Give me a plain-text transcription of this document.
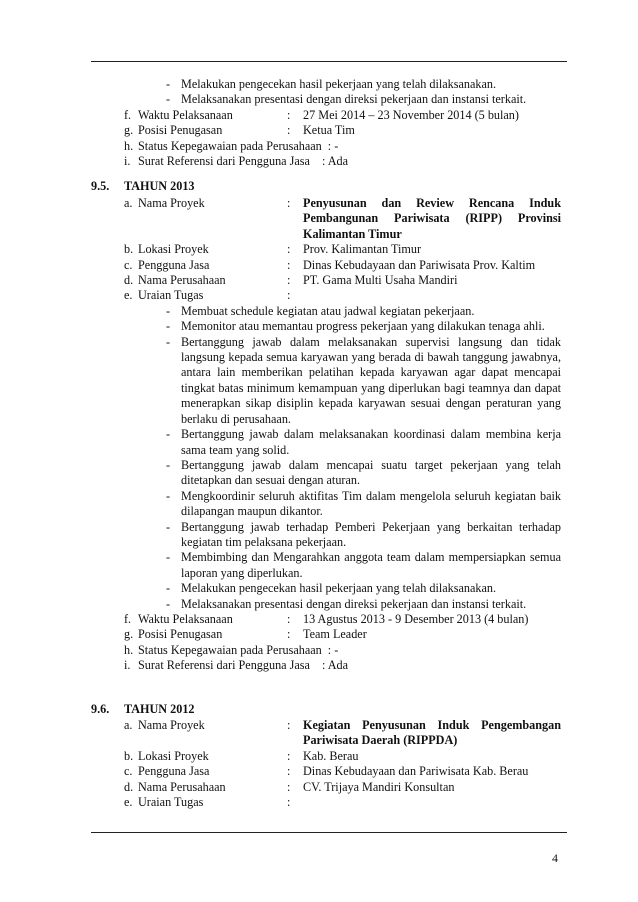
- Melakukan pengecekan hasil pekerjaan yang telah dilaksanakan.
- Melaksanakan presentasi dengan direksi pekerjaan dan instansi terkait.
f. Waktu Pelaksanaan	:	27 Mei 2014 – 23 November 2014 (5 bulan)
g. Posisi Penugasan	:	Ketua Tim
h. Status Kepegawaian pada Perusahaan : -
i. Surat Referensi dari Pengguna Jasa : Ada
9.5.	TAHUN 2013
a. Nama Proyek	:	Penyusunan dan Review Rencana Induk Pembangunan Pariwisata (RIPP) Provinsi Kalimantan Timur
b. Lokasi Proyek	:	Prov. Kalimantan Timur
c. Pengguna Jasa	:	Dinas Kebudayaan dan Pariwisata Prov. Kaltim
d. Nama Perusahaan	:	PT. Gama Multi Usaha Mandiri
e. Uraian Tugas	:
- Membuat schedule kegiatan atau jadwal kegiatan pekerjaan.
- Memonitor atau memantau progress pekerjaan yang dilakukan tenaga ahli.
- Bertanggung jawab dalam melaksanakan supervisi langsung dan tidak langsung kepada semua karyawan yang berada di bawah tanggung jawabnya, antara lain memberikan pelatihan kepada karyawan agar dapat mencapai tingkat batas minimum kemampuan yang diperlukan bagi teamnya dan dapat menerapkan sikap disiplin kepada karyawan sesuai dengan peraturan yang berlaku di perusahaan.
- Bertanggung jawab dalam melaksanakan koordinasi dalam membina kerja sama team yang solid.
- Bertanggung jawab dalam mencapai suatu target pekerjaan yang telah ditetapkan dan sesuai dengan aturan.
- Mengkoordinir seluruh aktifitas Tim dalam mengelola seluruh kegiatan baik dilapangan maupun dikantor.
- Bertanggung jawab terhadap Pemberi Pekerjaan yang berkaitan terhadap kegiatan tim pelaksana pekerjaan.
- Membimbing dan Mengarahkan anggota team dalam mempersiapkan semua laporan yang diperlukan.
- Melakukan pengecekan hasil pekerjaan yang telah dilaksanakan.
- Melaksanakan presentasi dengan direksi pekerjaan dan instansi terkait.
f. Waktu Pelaksanaan	:	13 Agustus 2013 - 9 Desember 2013 (4 bulan)
g. Posisi Penugasan	:	Team Leader
h. Status Kepegawaian pada Perusahaan : -
i. Surat Referensi dari Pengguna Jasa : Ada
9.6.	TAHUN 2012
a. Nama Proyek	:	Kegiatan Penyusunan Induk Pengembangan Pariwisata Daerah (RIPPDA)
b. Lokasi Proyek	:	Kab. Berau
c. Pengguna Jasa	:	Dinas Kebudayaan dan Pariwisata Kab. Berau
d. Nama Perusahaan	:	CV. Trijaya Mandiri Konsultan
e. Uraian Tugas	:
4
